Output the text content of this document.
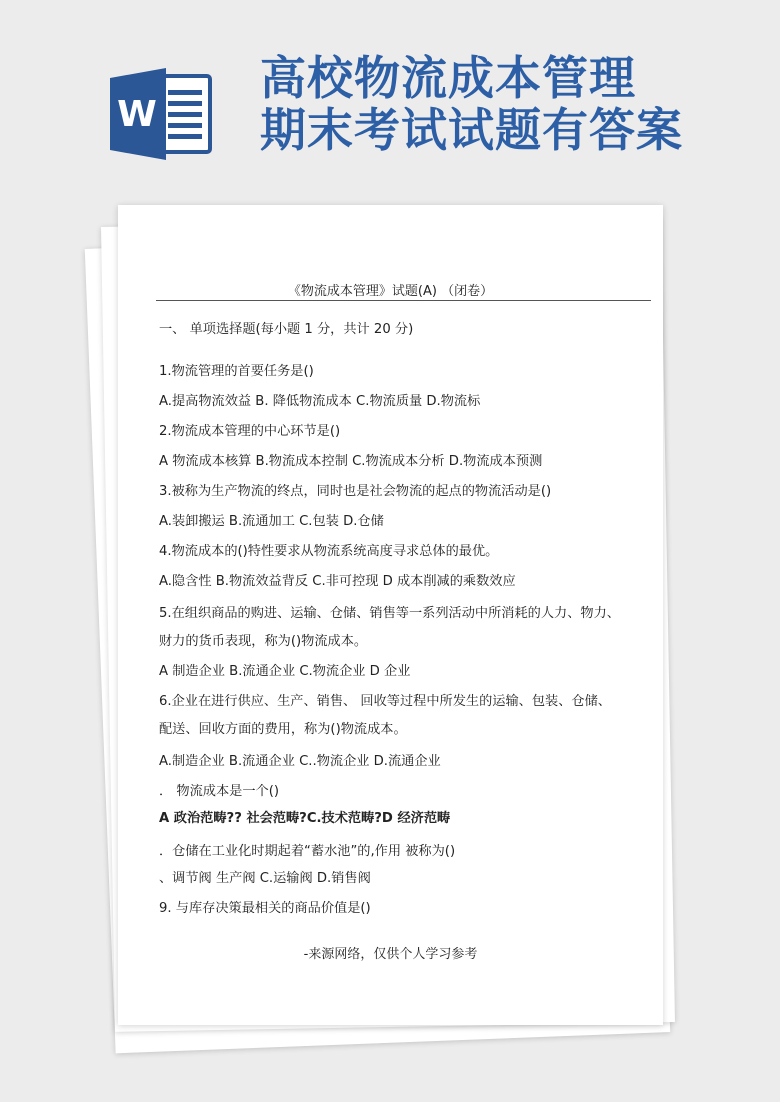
W
高校物流成本管理
期末考试试题有答案
《物流成本管理》试题(A) （闭卷）
一、 单项选择题(每小题 1 分，共计 20 分)
1.物流管理的首要任务是()
A.提高物流效益 B. 降低物流成本 C.物流质量 D.物流标
2.物流成本管理的中心环节是()
A 物流成本核算 B.物流成本控制 C.物流成本分析 D.物流成本预测
3.被称为生产物流的终点，同时也是社会物流的起点的物流活动是()
A.装卸搬运 B.流通加工 C.包装 D.仓储
4.物流成本的()特性要求从物流系统高度寻求总体的最优。
A.隐含性 B.物流效益背反 C.非可控现 D 成本削减的乘数效应
5.在组织商品的购进、运输、仓储、销售等一系列活动中所消耗的人力、物力、
财力的货币表现，称为()物流成本。
A 制造企业 B.流通企业 C.物流企业 D 企业
6.企业在进行供应、生产、销售、 回收等过程中所发生的运输、包装、仓储、
配送、回收方面的费用，称为()物流成本。
A.制造企业 B.流通企业 C..物流企业 D.流通企业
． 物流成本是一个()
A 政治范畴?? 社会范畴?C.技术范畴?D 经济范畴
．仓储在工业化时期起着“蓄水池”的,作用 被称为()
、调节阀 生产阀 C.运输阀 D.销售阀
9. 与库存决策最相关的商品价值是()
-来源网络，仅供个人学习参考
